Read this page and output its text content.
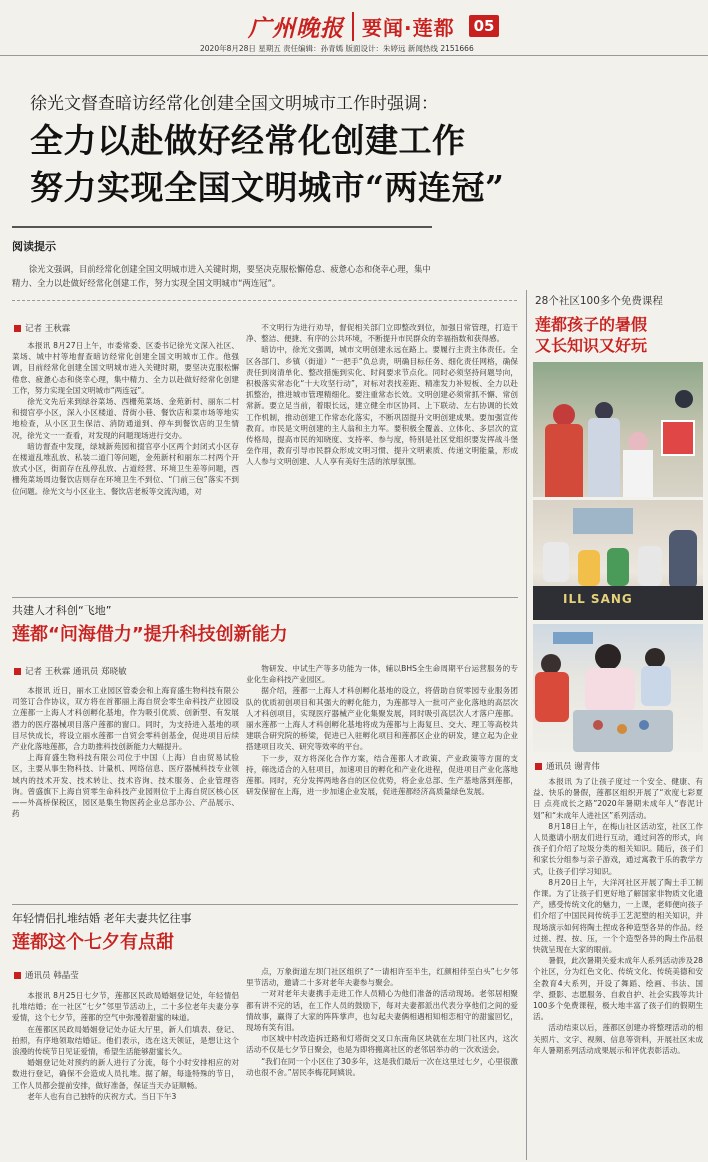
广州晚报 要闻·莲都	05
2020年8月28日 星期五 责任编辑：孙青嫣 版面设计：朱婷远 新闻热线 2151666
徐光文督查暗访经常化创建全国文明城市工作时强调：
全力以赴做好经常化创建工作
努力实现全国文明城市“两连冠”
阅读提示
徐光文强调，目前经常化创建全国文明城市进入关键时期，要坚决克服松懈倦怠、疲惫心态和侥幸心理，集中精力、全力以赴做好经常化创建工作，努力实现全国文明城市“两连冠”。
记者 王秋霖

本报讯 8月27日上午，市委常委、区委书记徐光文深入社区、菜场、城中村等地督查暗访经常化创建全国文明城市工作。他强调，目前经常化创建全国文明城市进入关键时期，要坚决克服松懈倦怠、疲惫心态和侥幸心理，集中精力、全力以赴做好经常化创建工作，努力实现全国文明城市“两连冠”。

徐光文先后来到绿谷菜场、西栅苑菜场、金苑新村、丽东二村和掇官亭小区，深入小区楼道、背街小巷、餐饮店和菜市场等地实地检查，从小区卫生保洁、消防通道到、停车到餐饮店的卫生情况，徐光文一一查看，对发现的问题现场进行交办。

暗访督查中发现，绿城新苑园和掇官亭小区两个封闭式小区存在楼道乱堆乱放、私装二道门等问题，金苑新村和丽东二村两个开放式小区，街面存在乱停乱放、占道经营、环境卫生差等问题，西栅苑菜场周边餐饮店则存在环境卫生不到位、“门前三包”落实不到位问题。徐光文与小区业主、餐饮店老板等交流沟通，对

不文明行为进行劝导，督促相关部门立即整改到位，加强日常管理，打造干净、整洁、便捷、有序的公共环境，不断提升市民群众的幸福指数和获得感。

暗访中，徐光文强调，城市文明创建永远在路上。要履行主责主体责任。全区各部门、乡镇（街道）“一把手”负总责，明确目标任务、细化责任网格，确保责任到岗清单化、整改措施到实化、时间要求节点化。同时必须坚持问题导向，积极落实常态化“十大攻坚行动”，对标对表找差距、精准发力补短板、全力以赴抓整治，推进城市管理精细化。要注重常态长效。文明创建必须常抓不懈、常创常新。要立足当前，着眼长远，建立健全市区协同、上下联动、左右协调的长效工作机制，推动创建工作常态化落实，不断巩固提升文明创建成果。要加强宣传教育。市民是文明创建的主人翁和主力军。要积极全覆盖、立体化、多层次的宣传格局，提高市民的知晓度、支持率、参与度，特别是社区党组织要发挥战斗堡垒作用，教育引导市民群众形成文明习惯、提升文明素质、传递文明能量，形成人人参与文明创建、人人享有美好生活的浓厚氛围。

共建人才科创“飞地”
莲都“问海借力”提升科技创新能力
记者 王秋霖 通讯员 郑晓敏

本报讯 近日，丽水工业园区管委会和上海育盛生物科技有限公司签订合作协议，双方将在首都丽上海自贸会零生命科技产业园设立莲都一上海人才科创孵化基地，作为吸引优质、创新型、有发展潜力的医疗器械项目落户莲都的窗口。同时，为支持进入基地的项目尽快成长，将设立丽水莲都一自贸会零科创基金，促进项目后续产业化落地莲都，合力助推科技创新能力大幅提升。

上海育盛生物科技有限公司位于中国（上海）自由贸易试验区，主要从事生物科技、计量机、网络信息、医疗器械科技专业领域内的技术开发、技术转让、技术咨询、技术服务、企业管理咨询。曾盛旗下上海自贸零生命科技产业园则位于上海自贸区核心区——外高桥保税区，园区是集生物医药企业总部办公、产品展示、药

物研发、中试生产等多功能为一体，辅以BHS全生命周期平台运营服务的专业化生命科技产业园区。

据介绍，莲都一上海人才科创孵化基地的设立，将借助自贸零园专业服务团队的优质初创项目和其强大的孵化能力，为莲都导入一批可产业化落地的高层次人才科创项目，实现医疗器械产业化集聚发展，同时吸引高层次人才落户莲都。丽水莲都一上海人才科创孵化基地将成为莲都与上海复旦、交大、理工等高校共建联合研究院的桥梁，促进已入驻孵化项目和莲都区企业的研发，建立起为企业搭建项目攻关、研究等效率的平台。

下一步，双方将深化合作方案，结合莲都人才政策、产业政策等方面的支持，筛选适合的入驻项目，加速项目的孵化和产业化进程，促进项目产业化落地莲都。同时，充分发挥两地各自的区位优势，将企业总部、生产基地落到莲都，研发保留在上海，进一步加速企业发展，促进莲都经济高质量绿色发展。

年轻情侣扎堆结婚 老年夫妻共忆往事
莲都这个七夕有点甜
通讯员 韩晶莹

本报讯 8月25日七夕节，莲都区民政局婚姻登记处，年轻情侣扎堆结婚；在一社区“七夕”邻里节活动上，二十多位老年夫妻分享爱情，这个七夕节，莲都的空气中弥漫着甜蜜的味道。

在莲都区民政局婚姻登记处办证大厅里，新人们填表、登记、拍照，有序地领取结婚证。他们表示，选在这天领证，是想让这个浪漫的传统节日见证爱情，希望生活能够甜蜜长久。

婚姻登记处对预约的新人进行了分流，每个小时安排相应的对数进行登记，确保不会造成人员扎堆。据了解，每逢特殊的节日，工作人员都会提前安排，做好准备，保证当天办证顺畅。

老年人也有自己独特的庆祝方式。当日下午3

点，万象街道左坝门社区组织了“一请相许至半生，红颜相伴至白头”七夕邻里节活动，邀请二十多对老年夫妻参与聚会。

一对对老年夫妻携手走进工作人员精心为他们准备的活动现场。老邻居相聚都有讲不完的话，在工作人员的鼓励下，每对夫妻都派出代表分享他们之间的爱情故事，赢得了大家的阵阵掌声，也勾起夫妻俩相遇相知相恋相守的甜蜜回忆，现场有笑有泪。

市区城中村改造拆迁路和灯塔街交叉口东南角区块就在左坝门社区内，这次活动不仅是七夕节日聚会，也是为即将搬离社区的老邻居举办的一次欢送会。

“我们在同一个小区住了30多年，这是我们最后一次在这里过七夕，心里很激动也很不舍。”居民李梅花阿姨说。

28个社区100多个免费课程
莲都孩子的暑假
又长知识又好玩
ILL SANG
通讯员 谢青伟

本报讯 为了让孩子度过一个安全、健康、有益、快乐的暑假，莲都区组织开展了“欢度七彩夏日 点亮成长之路”2020年暑期未成年人“春泥计划”和“未成年人进社区”系列活动。

8月18日上午，在梅山社区活动室，社区工作人员邀请小朋友们进行互动，通过问答的形式，向孩子们介绍了垃圾分类的相关知识。随后，孩子们和家长分组参与亲子游戏，通过寓教于乐的教学方式，让孩子们学习知识。

8月20日上午，大洋河社区开展了陶土手工制作课。为了让孩子们更好地了解国家非物质文化遗产，感受传统文化的魅力，一上课，老师便向孩子们介绍了中国民间传统手工艺泥塑的相关知识，并现场演示如何将陶土捏成各种造型各异的作品。经过搓、捏、按、压，一个个造型各异的陶土作品很快就呈现在大家的眼前。

暑假，此次暑期关爱未成年人系列活动涉及28个社区，分为红色文化、传统文化、传统美德和安全教育4大系列，开设了舞蹈、绘画、书法、国学、摄影、志愿服务、自救自护、社会实践等共计100多个免费课程，极大地丰富了孩子们的假期生活。

活动结束以后，莲都区创建办将整理活动的相关照片、文字、视频、信息等资料，开展社区未成年人暑期系列活动成果展示和评优表彰活动。
